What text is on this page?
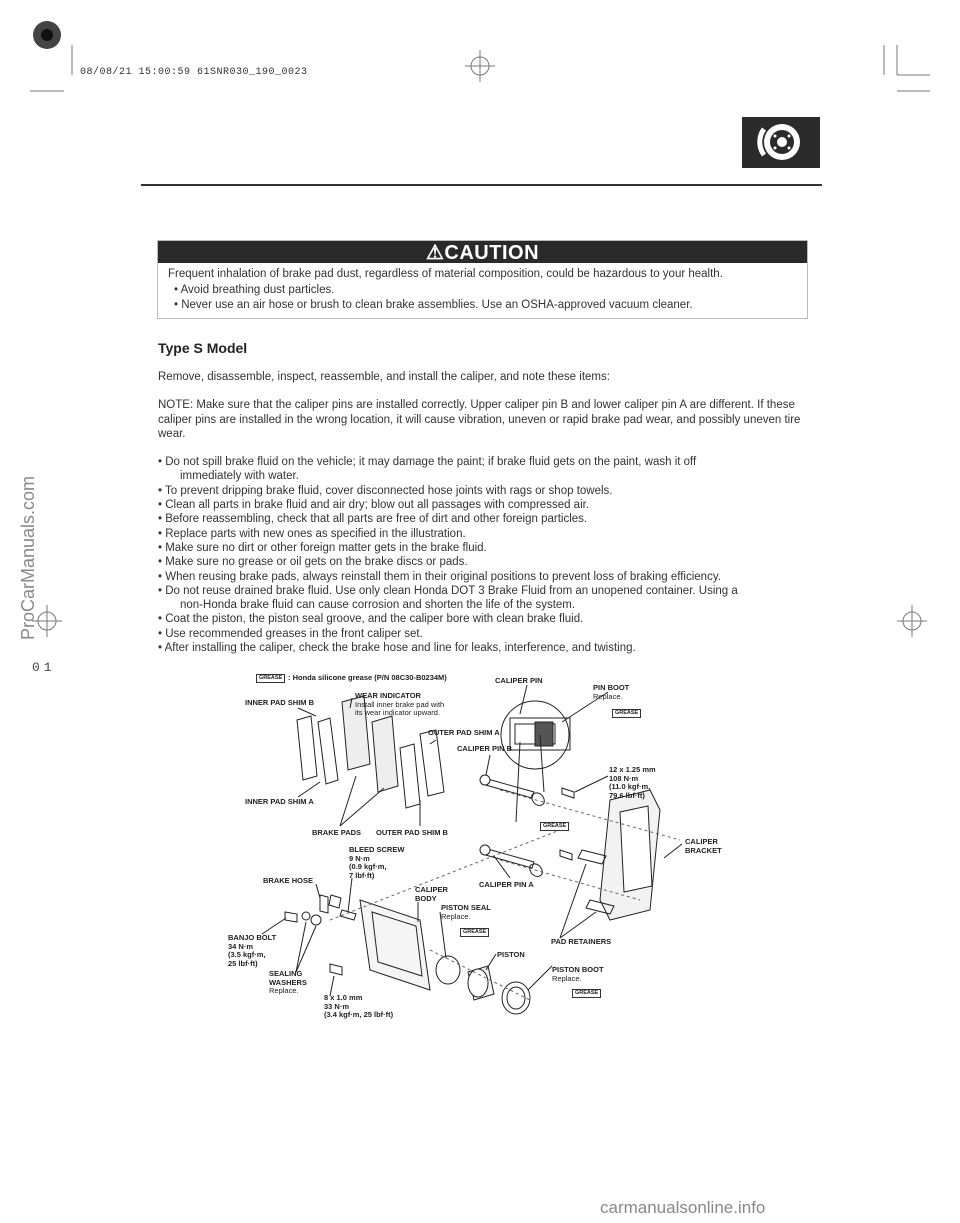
08/08/21 15:00:59 61SNR030_190_0023
⚠CAUTION
Frequent inhalation of brake pad dust, regardless of material composition, could be hazardous to your health.
• Avoid breathing dust particles.
• Never use an air hose or brush to clean brake assemblies. Use an OSHA-approved vacuum cleaner.
Type S Model

Remove, disassemble, inspect, reassemble, and install the caliper, and note these items:

NOTE: Make sure that the caliper pins are installed correctly. Upper caliper pin B and lower caliper pin A are different. If these caliper pins are installed in the wrong location, it will cause vibration, uneven or rapid brake pad wear, and possibly uneven tire wear.

• Do not spill brake fluid on the vehicle; it may damage the paint; if brake fluid gets on the paint, wash it off
immediately with water.
• To prevent dripping brake fluid, cover disconnected hose joints with rags or shop towels.
• Clean all parts in brake fluid and air dry; blow out all passages with compressed air.
• Before reassembling, check that all parts are free of dirt and other foreign particles.
• Replace parts with new ones as specified in the illustration.
• Make sure no dirt or other foreign matter gets in the brake fluid.
• Make sure no grease or oil gets on the brake discs or pads.
• When reusing brake pads, always reinstall them in their original positions to prevent loss of braking efficiency.
• Do not reuse drained brake fluid. Use only clean Honda DOT 3 Brake Fluid from an unopened container. Using a
non-Honda brake fluid can cause corrosion and shorten the life of the system.
• Coat the piston, the piston seal groove, and the caliper bore with clean brake fluid.
• Use recommended greases in the front caliper set.
• After installing the caliper, check the brake hose and line for leaks, interference, and twisting.
GREASE
GREASE
GREASE
GREASE
GREASE
: Honda silicone grease (P/N 08C30-B0234M)
INNER PAD SHIM B
WEAR INDICATOR
Install inner brake pad with
its wear indicator upward.
CALIPER PIN
PIN BOOT
Replace.
OUTER PAD SHIM A
CALIPER PIN B
12 x 1.25 mm
108 N·m
(11.0 kgf·m,
79.6 lbf·ft)
INNER PAD SHIM A
BRAKE PADS OUTER PAD SHIM B
CALIPER
BRACKET
BLEED SCREW
9 N·m
(0.9 kgf·m,
7 lbf·ft)
BRAKE HOSE
CALIPER
BODY
CALIPER PIN A
PISTON SEAL
Replace.
BANJO BOLT
34 N·m
(3.5 kgf·m,
25 lbf·ft)
PAD RETAINERS
PISTON
SEALING
WASHERS
Replace.
PISTON BOOT
Replace.
8 x 1.0 mm
33 N·m
(3.4 kgf·m, 25 lbf·ft)
ProCarManuals.com
01
carmanualsonline.info
